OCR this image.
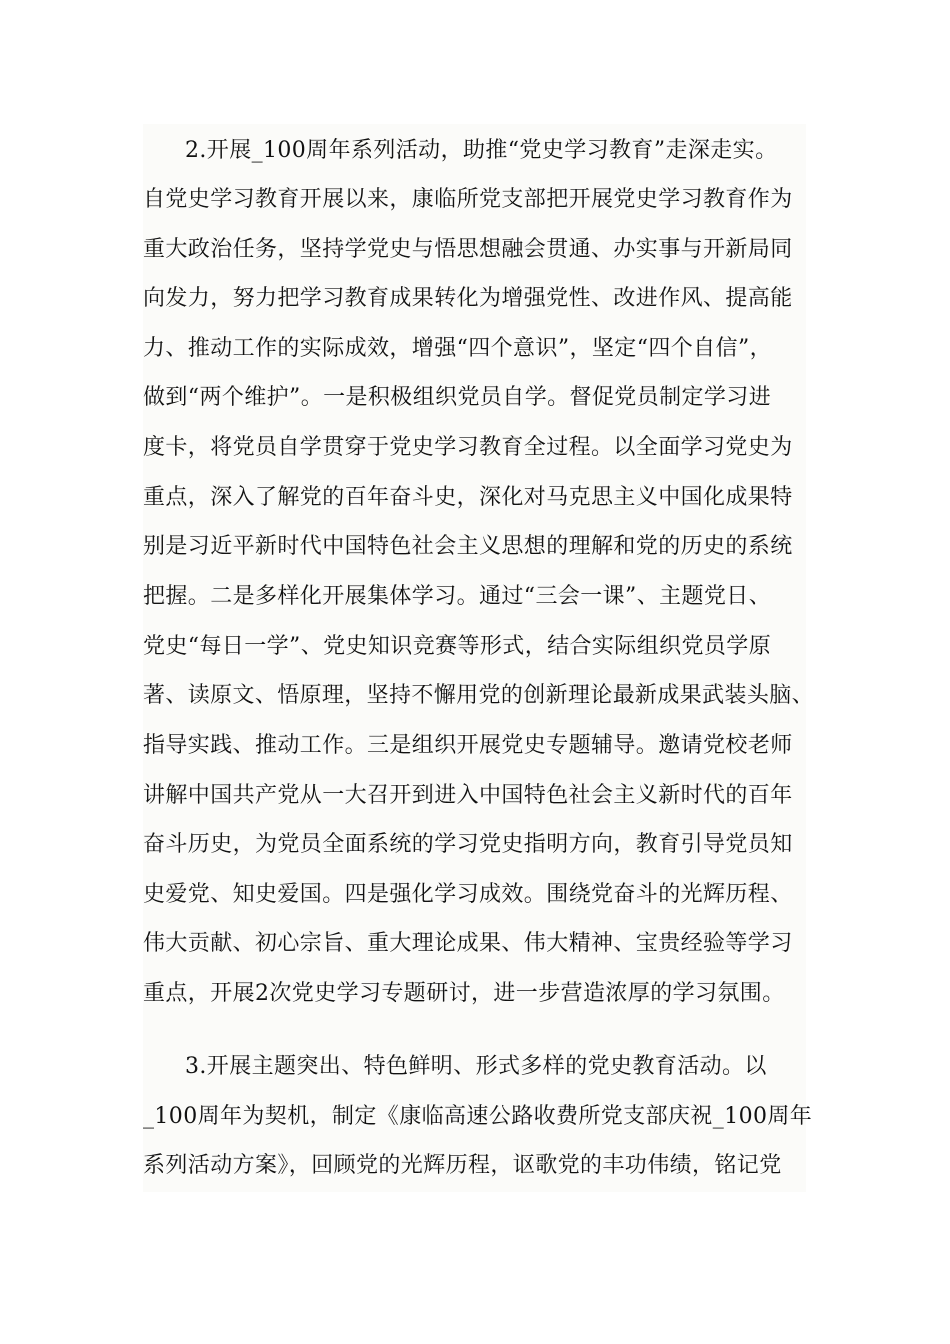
2.开展_100周年系列活动，助推“党史学习教育”走深走实。
自党史学习教育开展以来，康临所党支部把开展党史学习教育作为
重大政治任务，坚持学党史与悟思想融会贯通、办实事与开新局同
向发力，努力把学习教育成果转化为增强党性、改进作风、提高能
力、推动工作的实际成效，增强“四个意识”，坚定“四个自信”，
做到“两个维护”。一是积极组织党员自学。督促党员制定学习进
度卡，将党员自学贯穿于党史学习教育全过程。以全面学习党史为
重点，深入了解党的百年奋斗史，深化对马克思主义中国化成果特
别是习近平新时代中国特色社会主义思想的理解和党的历史的系统
把握。二是多样化开展集体学习。通过“三会一课”、主题党日、
党史“每日一学”、党史知识竞赛等形式，结合实际组织党员学原
著、读原文、悟原理，坚持不懈用党的创新理论最新成果武装头脑、
指导实践、推动工作。三是组织开展党史专题辅导。邀请党校老师
讲解中国共产党从一大召开到进入中国特色社会主义新时代的百年
奋斗历史，为党员全面系统的学习党史指明方向，教育引导党员知
史爱党、知史爱国。四是强化学习成效。围绕党奋斗的光辉历程、
伟大贡献、初心宗旨、重大理论成果、伟大精神、宝贵经验等学习
重点，开展2次党史学习专题研讨，进一步营造浓厚的学习氛围。
3.开展主题突出、特色鲜明、形式多样的党史教育活动。以
_100周年为契机，制定《康临高速公路收费所党支部庆祝_100周年
系列活动方案》，回顾党的光辉历程，讴歌党的丰功伟绩，铭记党
